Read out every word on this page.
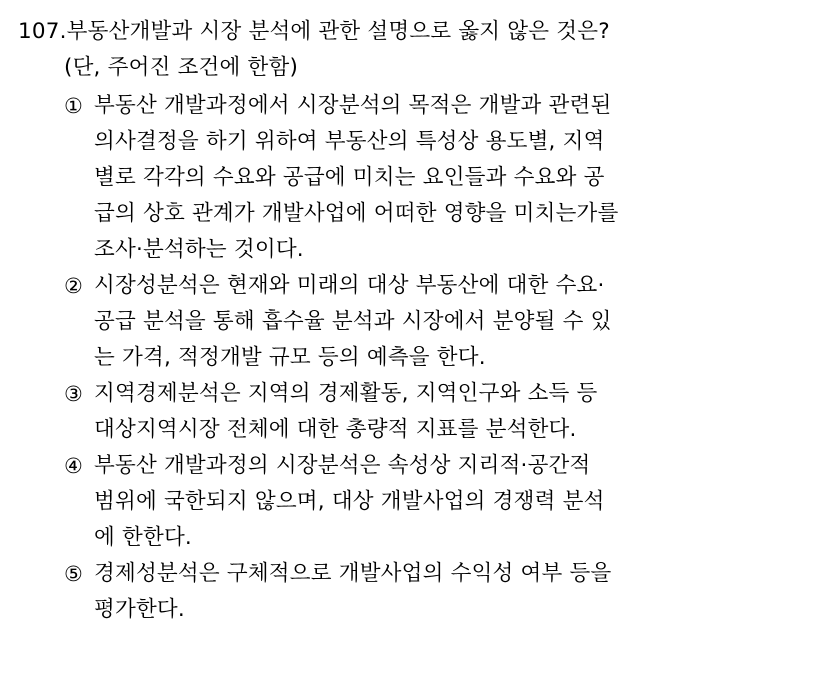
107. 부동산개발과 시장 분석에 관한 설명으로 옳지 않은 것은?
(단, 주어진 조건에 한함)
① 부동산 개발과정에서 시장분석의 목적은 개발과 관련된
의사결정을 하기 위하여 부동산의 특성상 용도별, 지역
별로 각각의 수요와 공급에 미치는 요인들과 수요와 공
급의 상호 관계가 개발사업에 어떠한 영향을 미치는가를
조사·분석하는 것이다.
② 시장성분석은 현재와 미래의 대상 부동산에 대한 수요·
공급 분석을 통해 흡수율 분석과 시장에서 분양될 수 있
는 가격, 적정개발 규모 등의 예측을 한다.
③ 지역경제분석은 지역의 경제활동, 지역인구와 소득 등
대상지역시장 전체에 대한 총량적 지표를 분석한다.
④ 부동산 개발과정의 시장분석은 속성상 지리적·공간적
범위에 국한되지 않으며, 대상 개발사업의 경쟁력 분석
에 한한다.
⑤ 경제성분석은 구체적으로 개발사업의 수익성 여부 등을
평가한다.
